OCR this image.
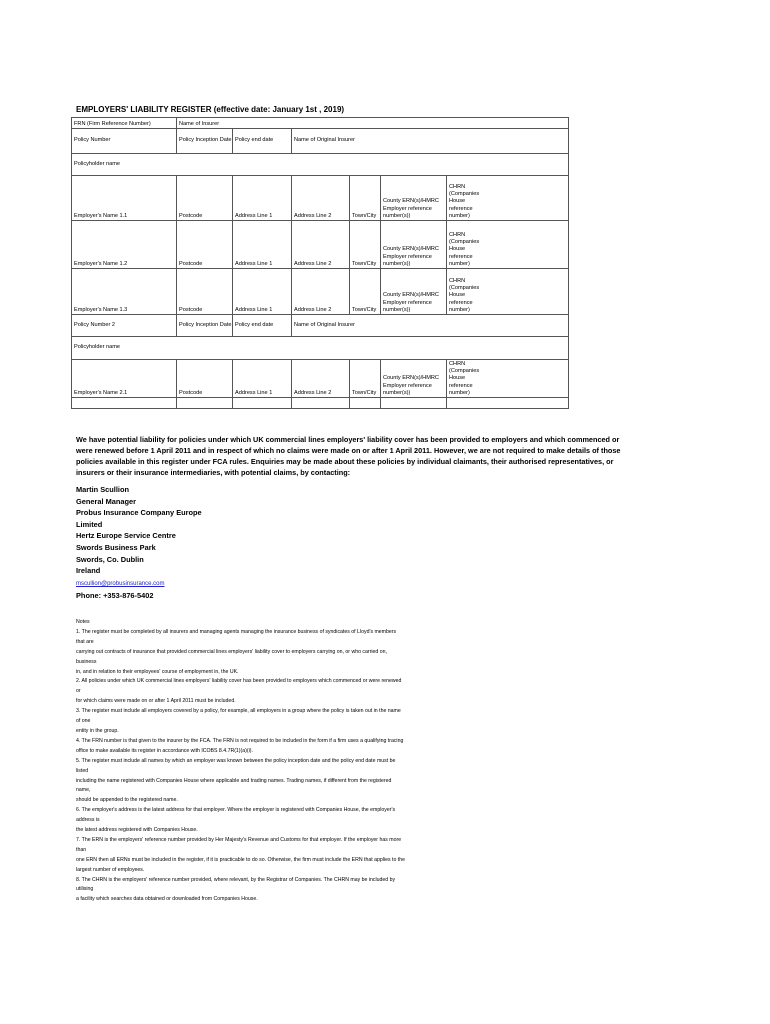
EMPLOYERS' LIABILITY REGISTER (effective date: January 1st , 2019)
FRN (Firm Reference Number)	Name of Insurer					
Policy Number	Policy Inception Date	Policy end date	Name of Original Insurer			
Policyholder name						
Employer's Name 1.1	Postcode	Address Line 1	Address Line 2	Town/City	County ERN(s)/HMRC Employer reference number(s))	CHRN (Companies House reference number)
Employer's Name 1.2	Postcode	Address Line 1	Address Line 2	Town/City	County ERN(s)/HMRC Employer reference number(s))	CHRN (Companies House reference number)
Employer's Name 1.3	Postcode	Address Line 1	Address Line 2	Town/City	County ERN(s)/HMRC Employer reference number(s))	CHRN (Companies House reference number)
Policy Number 2	Policy Inception Date	Policy end date	Name of Original Insurer			
Policyholder name						
Employer's Name 2.1	Postcode	Address Line 1	Address Line 2	Town/City	County ERN(s)/HMRC Employer reference number(s))	CHRN (Companies House reference number)

We have potential liability for policies under which UK commercial lines employers' liability cover has been provided to employers and which commenced or were renewed before 1 April 2011 and in respect of which no claims were made on or after 1 April 2011. However, we are not required to make details of those policies available in this register under FCA rules. Enquiries may be made about these policies by individual claimants, their authorised representatives, or insurers or their insurance intermediaries, with potential claims, by contacting:
Martin Scullion
General Manager
Probus Insurance Company Europe
Limited
Hertz Europe Service Centre
Swords Business Park
Swords, Co. Dublin
Ireland
mscullion@probusinsurance.com
Phone: +353-876-5402
Notes
1. The register must be completed by all insurers and managing agents managing the insurance business of syndicates of Lloyd's members that are
carrying out contracts of insurance that provided commercial lines employers' liability cover to employers carrying on, or who carried on, business
in, and in relation to their employees' course of employment in, the UK.
2. All policies under which UK commercial lines employers' liability cover has been provided to employers which commenced or were renewed or
for which claims were made on or after 1 April 2011 must be included.
3. The register must include all employers covered by a policy, for example, all employers in a group where the policy is taken out in the name of one
entity in the group.
4. The FRN number is that given to the insurer by the FCA. The FRN is not required to be included in the form if a firm uses a qualifying tracing
office to make available its register in accordance with ICOBS 8.4.7R(1)(a)(i).
5. The register must include all names by which an employer was known between the policy inception date and the policy end date must be listed
including the name registered with Companies House where applicable and trading names. Trading names, if different from the registered name,
should be appended to the registered name.
6. The employer's address is the latest address for that employer. Where the employer is registered with Companies House, the employer's address is
the latest address registered with Companies House.
7. The ERN is the employers' reference number provided by Her Majesty's Revenue and Customs for that employer. If the employer has more than
one ERN then all ERNs must be included in the register, if it is practicable to do so. Otherwise, the firm must include the ERN that applies to the
largest number of employees.
8. The CHRN is the employers' reference number provided, where relevant, by the Registrar of Companies. The CHRN may be included by utilising
a facility which searches data obtained or downloaded from Companies House.
